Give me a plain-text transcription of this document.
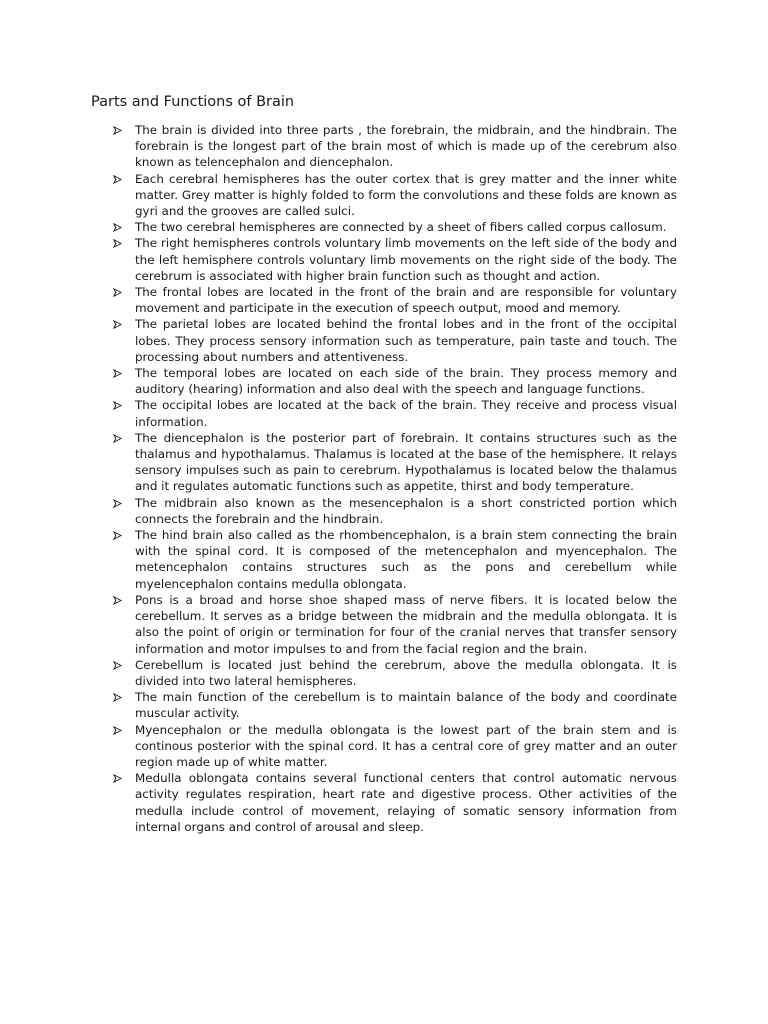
Parts and Functions of Brain
The brain is divided into three parts , the forebrain, the midbrain, and the hindbrain. The forebrain is the longest part of the brain most of which is made up of the cerebrum also known as telencephalon and diencephalon.
Each cerebral hemispheres has the outer cortex that is grey matter and the inner white matter. Grey matter is highly folded to form the convolutions and these folds are known as gyri and the grooves are called sulci.
The two cerebral hemispheres are connected by a sheet of fibers called corpus callosum.
The right hemispheres controls voluntary limb movements on the left side of the body and the left hemisphere controls voluntary limb movements on the right side of the body. The cerebrum is associated with higher brain function such as thought and action.
The frontal lobes are located in the front of the brain and are responsible for voluntary movement and participate in the execution of speech output, mood and memory.
The parietal lobes are located behind the frontal lobes and in the front of the occipital lobes. They process sensory information such as temperature, pain taste and touch. The processing about numbers and attentiveness.
The temporal lobes are located on each side of the brain. They process memory and auditory (hearing) information and also deal with the speech and language functions.
The occipital lobes are located at the back of the brain. They receive and process visual information.
The diencephalon is the posterior part of forebrain. It contains structures such as the thalamus and hypothalamus. Thalamus is located at the base of the hemisphere. It relays sensory impulses such as pain to cerebrum. Hypothalamus is located below the thalamus and it regulates automatic functions such as appetite, thirst and body temperature.
The midbrain also known as the mesencephalon is a short constricted portion which connects the forebrain and the hindbrain.
The hind brain also called as the rhombencephalon, is a brain stem connecting the brain with the spinal cord. It is composed of the metencephalon and myencephalon. The metencephalon contains structures such as the pons and cerebellum while myelencephalon contains medulla oblongata.
Pons is a broad and horse shoe shaped mass of nerve fibers. It is located below the cerebellum. It serves as a bridge between the midbrain and the medulla oblongata. It is also the point of origin or termination for four of the cranial nerves that transfer sensory information and motor impulses to and from the facial region and the brain.
Cerebellum is located just behind the cerebrum, above the medulla oblongata. It is divided into two lateral hemispheres.
The main function of the cerebellum is to maintain balance of the body and coordinate muscular activity.
Myencephalon or the medulla oblongata is the lowest part of the brain stem and is continous posterior with the spinal cord. It has a central core of grey matter and an outer region made up of white matter.
Medulla oblongata contains several functional centers that control automatic nervous activity regulates respiration, heart rate and digestive process. Other activities of the medulla include control of movement, relaying of somatic sensory information from internal organs and control of arousal and sleep.
